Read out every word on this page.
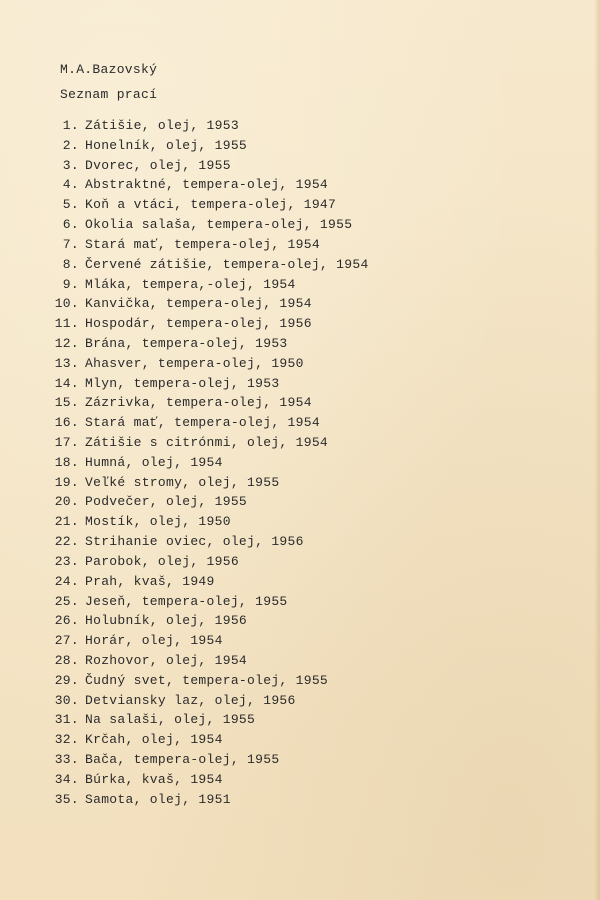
M.A.Bazovský
Seznam prací
1. Zátišie, olej, 1953
2. Honelník, olej, 1955
3. Dvorec, olej, 1955
4. Abstraktné, tempera-olej, 1954
5. Koň a vtáci, tempera-olej, 1947
6. Okolia salaša, tempera-olej, 1955
7. Stará mať, tempera-olej, 1954
8. Červené zátišie, tempera-olej, 1954
9. Mláka, tempera,-olej, 1954
10. Kanvička, tempera-olej, 1954
11. Hospodár, tempera-olej, 1956
12. Brána, tempera-olej, 1953
13. Ahasver, tempera-olej, 1950
14. Mlyn, tempera-olej, 1953
15. Zázrivka, tempera-olej, 1954
16. Stará mať, tempera-olej, 1954
17. Zátišie s citrónmi, olej, 1954
18. Humná, olej, 1954
19. Veľké stromy, olej, 1955
20. Podvečer, olej, 1955
21. Mostík, olej, 1950
22. Strihanie oviec, olej, 1956
23. Parobok, olej, 1956
24. Prah, kvaš, 1949
25. Jeseň, tempera-olej, 1955
26. Holubník, olej, 1956
27. Horár, olej, 1954
28. Rozhovor, olej, 1954
29. Čudný svet, tempera-olej, 1955
30. Detviansky laz, olej, 1956
31. Na salaši, olej, 1955
32. Krčah, olej, 1954
33. Bača, tempera-olej, 1955
34. Búrka, kvaš, 1954
35. Samota, olej, 1951
